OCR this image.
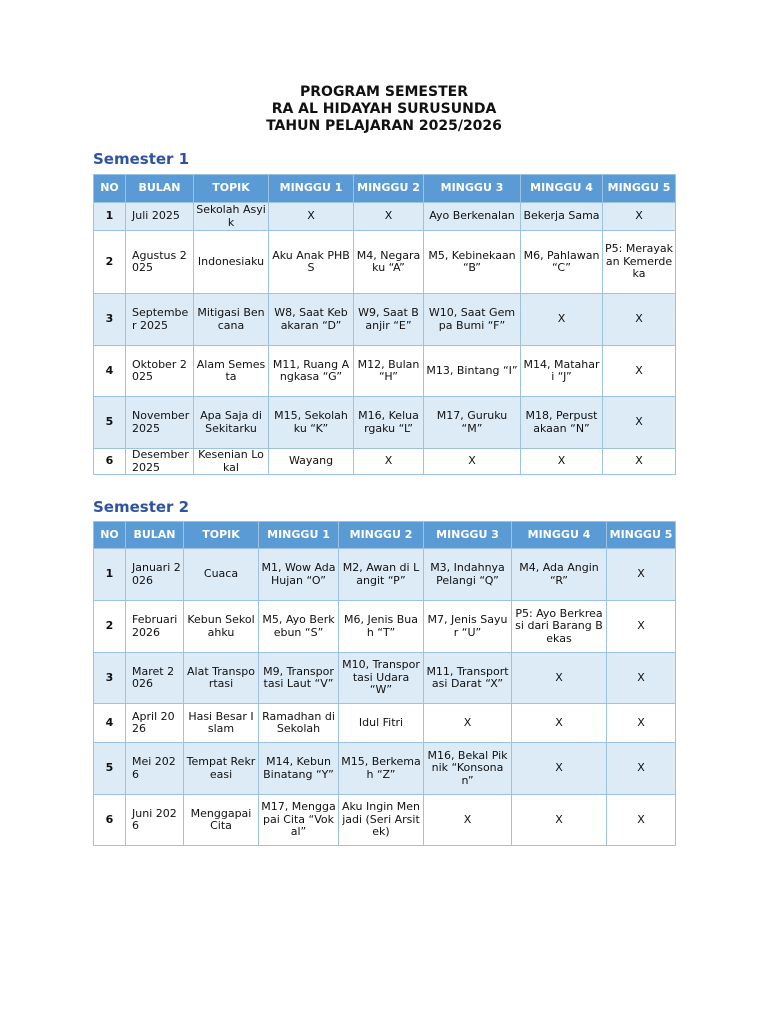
PROGRAM SEMESTER
RA AL HIDAYAH SURUSUNDA
TAHUN PELAJARAN 2025/2026
Semester 1
NO	BULAN	TOPIK	MINGGU 1	MINGGU 2	MINGGU 3	MINGGU 4	MINGGU 5
1	Juli 2025	Sekolah Asyik	X	X	Ayo Berkenalan	Bekerja Sama	X
2	Agustus 2025	Indonesiaku	Aku Anak PHBS	M4, Negaraku “A”	M5, Kebinekaan “B”	M6, Pahlawan “C”	P5: Merayakan Kemerdeka
3	September 2025	Mitigasi Bencana	W8, Saat Kebakaran “D”	W9, Saat Banjir “E”	W10, Saat Gempa Bumi “F”	X	X
4	Oktober 2025	Alam Semesta	M11, Ruang Angkasa “G”	M12, Bulan “H”	M13, Bintang “I”	M14, Matahari “J”	X
5	November 2025	Apa Saja di Sekitarku	M15, Sekolahku “K”	M16, Keluargaku “L”	M17, Guruku “M”	M18, Perpustakaan “N”	X
6	Desember 2025	Kesenian Lokal	Wayang	X	X	X	X
Semester 2
NO	BULAN	TOPIK	MINGGU 1	MINGGU 2	MINGGU 3	MINGGU 4	MINGGU 5
1	Januari 2026	Cuaca	M1, Wow Ada Hujan “O”	M2, Awan di Langit “P”	M3, Indahnya Pelangi “Q”	M4, Ada Angin “R”	X
2	Februari 2026	Kebun Sekolahku	M5, Ayo Berkebun “S”	M6, Jenis Buah “T”	M7, Jenis Sayur “U”	P5: Ayo Berkreasi dari Barang Bekas	X
3	Maret 2026	Alat Transportasi	M9, Transportasi Laut “V”	M10, Transportasi Udara “W”	M11, Transportasi Darat “X”	X	X
4	April 2026	Hasi Besar Islam	Ramadhan di Sekolah	Idul Fitri	X	X	X
5	Mei 2026	Tempat Rekreasi	M14, Kebun Binatang “Y”	M15, Berkemah “Z”	M16, Bekal Piknik “Konsonan”	X	X
6	Juni 2026	Menggapai Cita	M17, Menggapai Cita “Vokal”	Aku Ingin Menjadi (Seri Arsitek)	X	X	X
